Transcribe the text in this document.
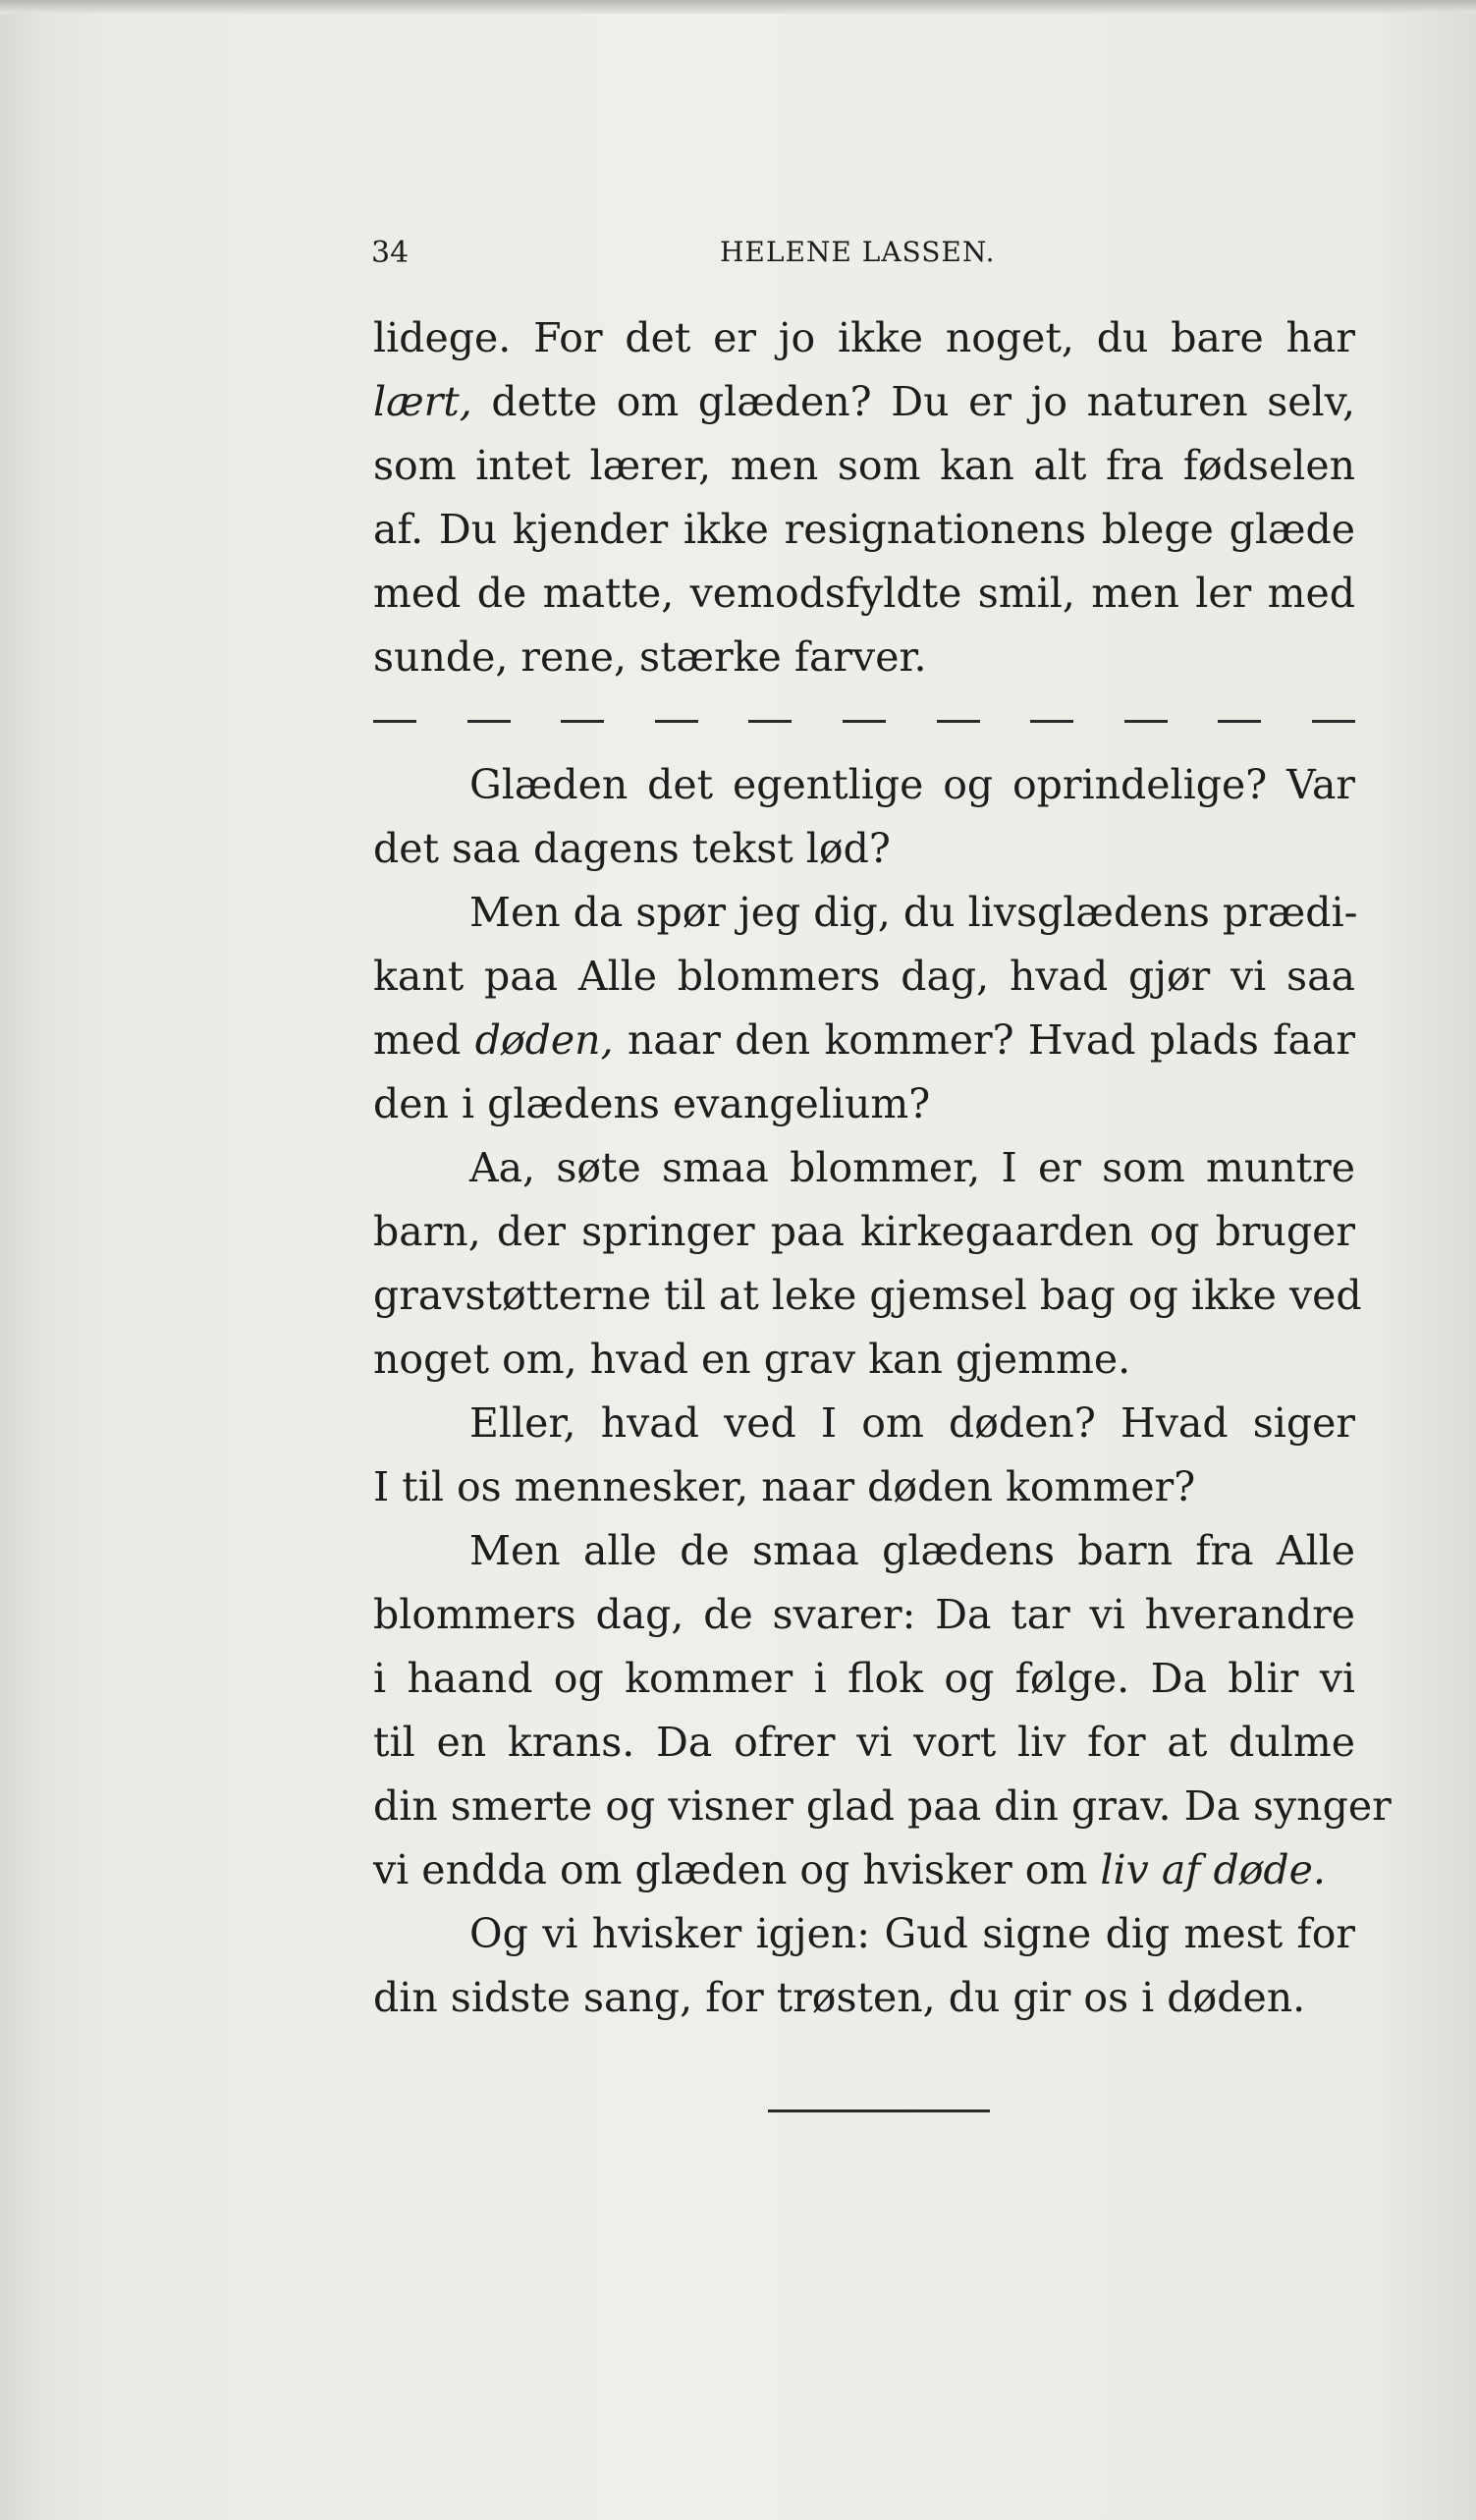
34	HELENE LASSEN.
lidege. For det er jo ikke noget, du bare har
lært, dette om glæden? Du er jo naturen selv,
som intet lærer, men som kan alt fra fødselen
af. Du kjender ikke resignationens blege glæde
med de matte, vemodsfyldte smil, men ler med
sunde, rene, stærke farver.
Glæden det egentlige og oprindelige? Var
det saa dagens tekst lød?
Men da spør jeg dig, du livsglædens prædi-
kant paa Alle blommers dag, hvad gjør vi saa
med døden, naar den kommer? Hvad plads faar
den i glædens evangelium?
Aa, søte smaa blommer, I er som muntre
barn, der springer paa kirkegaarden og bruger
gravstøtterne til at leke gjemsel bag og ikke ved
noget om, hvad en grav kan gjemme.
Eller, hvad ved I om døden? Hvad siger
I til os mennesker, naar døden kommer?
Men alle de smaa glædens barn fra Alle
blommers dag, de svarer: Da tar vi hverandre
i haand og kommer i flok og følge. Da blir vi
til en krans. Da ofrer vi vort liv for at dulme
din smerte og visner glad paa din grav. Da synger
vi endda om glæden og hvisker om liv af døde.
Og vi hvisker igjen: Gud signe dig mest for
din sidste sang, for trøsten, du gir os i døden.
